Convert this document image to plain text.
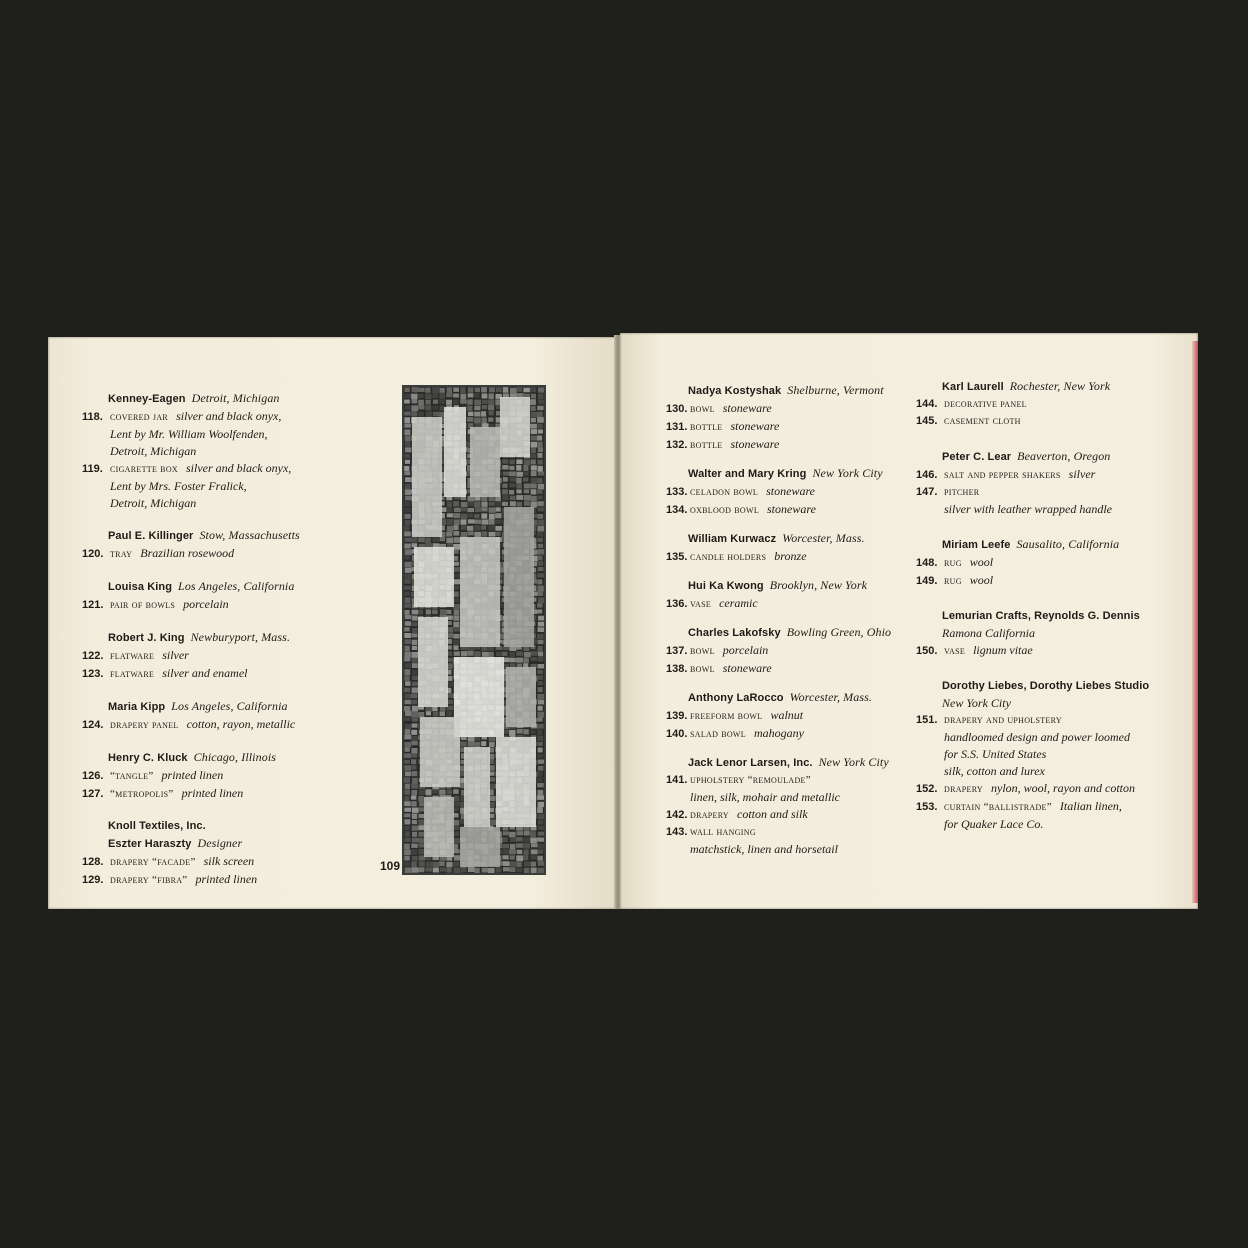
Kenney-Eagen Detroit, Michigan
118. covered jar silver and black onyx,
Lent by Mr. William Woolfenden,
Detroit, Michigan
119. cigarette box silver and black onyx,
Lent by Mrs. Foster Fralick,
Detroit, Michigan
Paul E. Killinger Stow, Massachusetts
120. tray Brazilian rosewood
Louisa King Los Angeles, California
121. pair of bowls porcelain
Robert J. King Newburyport, Mass.
122. flatware silver
123. flatware silver and enamel
Maria Kipp Los Angeles, California
124. drapery panel cotton, rayon, metallic
Henry C. Kluck Chicago, Illinois
126. “tangle” printed linen
127. “metropolis” printed linen
Knoll Textiles, Inc.
Eszter Haraszty Designer
128. drapery “facade” silk screen
129. drapery “fibra” printed linen
109
Nadya Kostyshak Shelburne, Vermont
130. bowl stoneware
131. bottle stoneware
132. bottle stoneware
Walter and Mary Kring New York City
133. celadon bowl stoneware
134. oxblood bowl stoneware
William Kurwacz Worcester, Mass.
135. candle holders bronze
Hui Ka Kwong Brooklyn, New York
136. vase ceramic
Charles Lakofsky Bowling Green, Ohio
137. bowl porcelain
138. bowl stoneware
Anthony LaRocco Worcester, Mass.
139. freeform bowl walnut
140. salad bowl mahogany
Jack Lenor Larsen, Inc. New York City
141. upholstery “remoulade”
linen, silk, mohair and metallic
142. drapery cotton and silk
143. wall hanging
matchstick, linen and horsetail
Karl Laurell Rochester, New York
144. decorative panel
145. casement cloth
Peter C. Lear Beaverton, Oregon
146. salt and pepper shakers silver
147. pitcher
silver with leather wrapped handle
Miriam Leefe Sausalito, California
148. rug wool
149. rug wool
Lemurian Crafts, Reynolds G. Dennis
Ramona California
150. vase lignum vitae
Dorothy Liebes, Dorothy Liebes Studio
New York City
151. drapery and upholstery
handloomed design and power loomed
for S.S. United States
silk, cotton and lurex
152. drapery nylon, wool, rayon and cotton
153. curtain “ballistrade” Italian linen,
for Quaker Lace Co.
